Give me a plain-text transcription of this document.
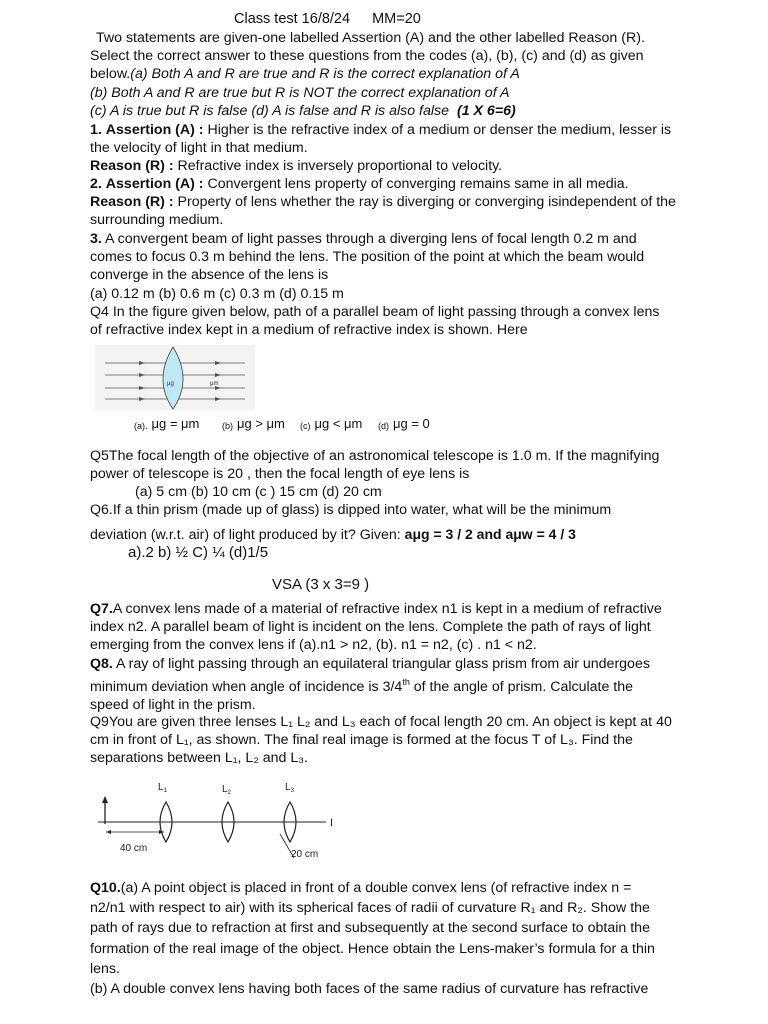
Class test 16/8/24 MM=20

Two statements are given-one labelled Assertion (A) and the other labelled Reason (R).

Select the correct answer to these questions from the codes (a), (b), (c) and (d) as given

below.(a) Both A and R are true and R is the correct explanation of A

(b) Both A and R are true but R is NOT the correct explanation of A

(c) A is true but R is false (d) A is false and R is also false (1 X 6=6)

1. Assertion (A) : Higher is the refractive index of a medium or denser the medium, lesser is

the velocity of light in that medium.

Reason (R) : Refractive index is inversely proportional to velocity.

2. Assertion (A) : Convergent lens property of converging remains same in all media.

Reason (R) : Property of lens whether the ray is diverging or converging isindependent of the

surrounding medium.

3. A convergent beam of light passes through a diverging lens of focal length 0.2 m and

comes to focus 0.3 m behind the lens. The position of the point at which the beam would

converge in the absence of the lens is

(a) 0.12 m (b) 0.6 m (c) 0.3 m (d) 0.15 m

Q4 In the figure given below, path of a parallel beam of light passing through a convex lens

of refractive index kept in a medium of refractive index is shown. Here

μg	μm
(a). μg = μm	(b) μg > μm (c) μg < μm (d) μg = 0

Q5The focal length of the objective of an astronomical telescope is 1.0 m. If the magnifying

power of telescope is 20 , then the focal length of eye lens is

(a) 5 cm (b) 10 cm (c ) 15 cm (d) 20 cm

Q6.If a thin prism (made up of glass) is dipped into water, what will be the minimum

deviation (w.r.t. air) of light produced by it? Given: aμg = 3 / 2 and aμw = 4 / 3

a).2 b) ½ C) ¼ (d)1/5

VSA (3 x 3=9 )

Q7.A convex lens made of a material of refractive index n1 is kept in a medium of refractive

index n2. A parallel beam of light is incident on the lens. Complete the path of rays of light

emerging from the convex lens if (a).n1 > n2, (b). n1 = n2, (c) . n1 < n2.

Q8. A ray of light passing through an equilateral triangular glass prism from air undergoes

minimum deviation when angle of incidence is 3/4th of the angle of prism. Calculate the

speed of light in the prism.

Q9You are given three lenses L₁ L₂ and L₃ each of focal length 20 cm. An object is kept at 40

cm in front of L₁, as shown. The final real image is formed at the focus T of L₃. Find the

separations between L₁, L₂ and L₃.

$L_1$	$L_2$	$L_3$
I
40 cm
20 cm

Q10.(a) A point object is placed in front of a double convex lens (of refractive index n =

n2/n1 with respect to air) with its spherical faces of radii of curvature R₁ and R₂. Show the

path of rays due to refraction at first and subsequently at the second surface to obtain the

formation of the real image of the object. Hence obtain the Lens-maker’s formula for a thin

lens.

(b) A double convex lens having both faces of the same radius of curvature has refractive
